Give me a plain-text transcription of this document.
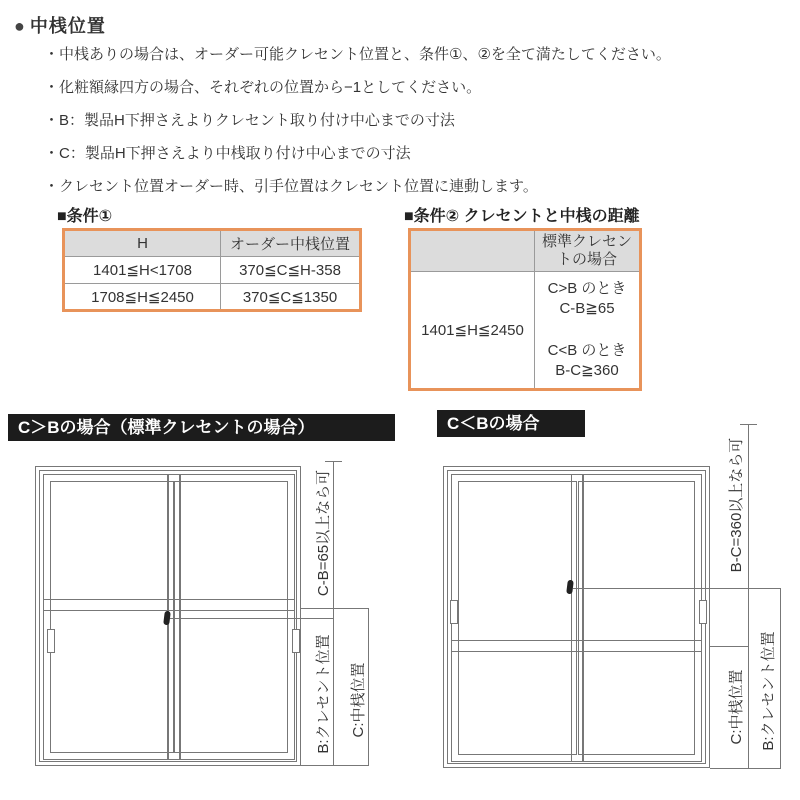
● 中桟位置
・ 中桟ありの場合は、オーダー可能クレセント位置と、条件①、②を全て満たしてください。
・ 化粧額縁四方の場合、それぞれの位置から−1としてください。
・ B：製品H下押さえよりクレセント取り付け中心までの寸法
・ C：製品H下押さえより中桟取り付け中心までの寸法
・ クレセント位置オーダー時、引手位置はクレセント位置に連動します。
■条件①
H	オーダー中桟位置
1401≦H<1708	370≦C≦H-358
1708≦H≦2450	370≦C≦1350
■条件② クレセントと中桟の距離
	標準クレセントの場合
1401≦H≦2450	C>B のとき
C-B≧65
C<B のとき
B-C≧360
C＞Bの場合（標準クレセントの場合）	C＜Bの場合
C-B=65以上なら可
B:クレセント位置 C:中桟位置
B-C=360以上なら可
C:中桟位置 B:クレセント位置
